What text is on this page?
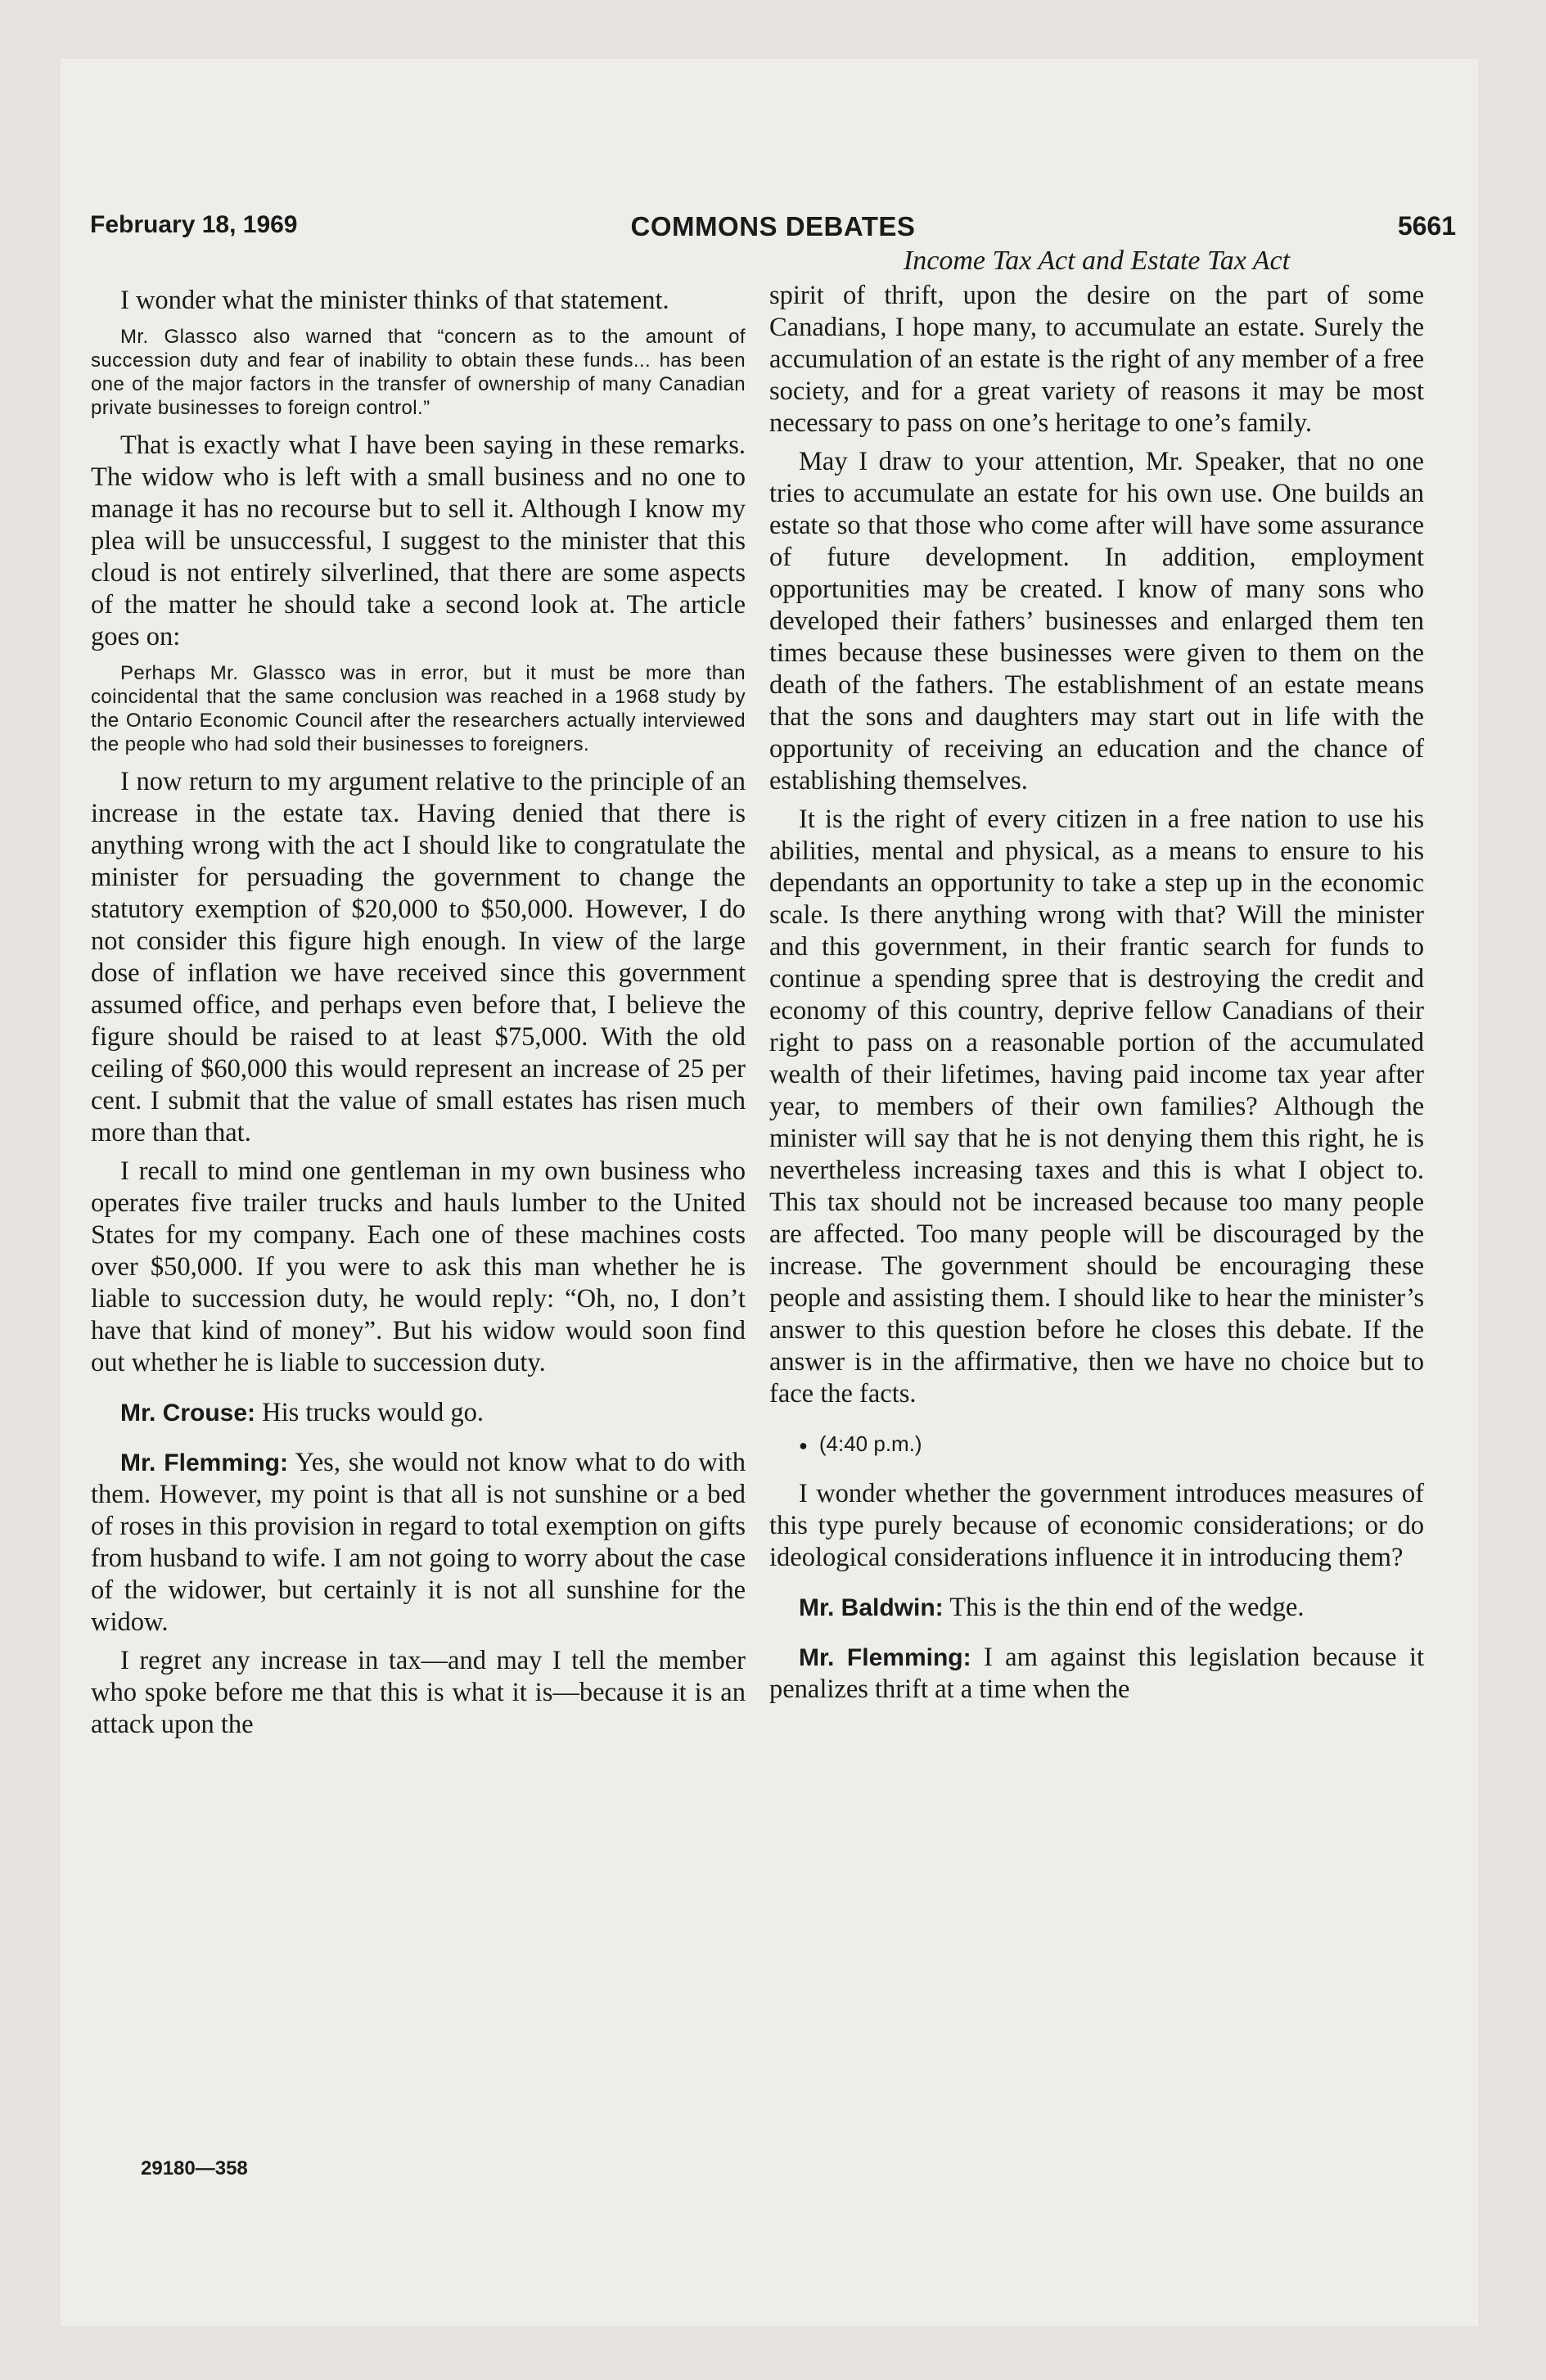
February 18, 1969	COMMONS DEBATES	5661

I wonder what the minister thinks of that statement.

Mr. Glassco also warned that “concern as to the amount of succession duty and fear of inability to obtain these funds... has been one of the major factors in the transfer of ownership of many Canadian private businesses to foreign control.”

That is exactly what I have been saying in these remarks. The widow who is left with a small business and no one to manage it has no recourse but to sell it. Although I know my plea will be unsuccessful, I suggest to the minister that this cloud is not entirely silverlined, that there are some aspects of the matter he should take a second look at. The article goes on:

Perhaps Mr. Glassco was in error, but it must be more than coincidental that the same conclusion was reached in a 1968 study by the Ontario Economic Council after the researchers actually interviewed the people who had sold their businesses to foreigners.

I now return to my argument relative to the principle of an increase in the estate tax. Having denied that there is anything wrong with the act I should like to congratulate the minister for persuading the government to change the statutory exemption of $20,000 to $50,000. However, I do not consider this figure high enough. In view of the large dose of inflation we have received since this government assumed office, and perhaps even before that, I believe the figure should be raised to at least $75,000. With the old ceiling of $60,000 this would represent an increase of 25 per cent. I submit that the value of small estates has risen much more than that.

I recall to mind one gentleman in my own business who operates five trailer trucks and hauls lumber to the United States for my company. Each one of these machines costs over $50,000. If you were to ask this man whether he is liable to succession duty, he would reply: “Oh, no, I don’t have that kind of money”. But his widow would soon find out whether he is liable to succession duty.

Mr. Crouse: His trucks would go.

Mr. Flemming: Yes, she would not know what to do with them. However, my point is that all is not sunshine or a bed of roses in this provision in regard to total exemption on gifts from husband to wife. I am not going to worry about the case of the widower, but certainly it is not all sunshine for the widow.

I regret any increase in tax—and may I tell the member who spoke before me that this is what it is—because it is an attack upon the

Income Tax Act and Estate Tax Act

spirit of thrift, upon the desire on the part of some Canadians, I hope many, to accumulate an estate. Surely the accumulation of an estate is the right of any member of a free society, and for a great variety of reasons it may be most necessary to pass on one’s heritage to one’s family.

May I draw to your attention, Mr. Speaker, that no one tries to accumulate an estate for his own use. One builds an estate so that those who come after will have some assurance of future development. In addition, employment opportunities may be created. I know of many sons who developed their fathers’ businesses and enlarged them ten times because these businesses were given to them on the death of the fathers. The establishment of an estate means that the sons and daughters may start out in life with the opportunity of receiving an education and the chance of establishing themselves.

It is the right of every citizen in a free nation to use his abilities, mental and physical, as a means to ensure to his dependants an opportunity to take a step up in the economic scale. Is there anything wrong with that? Will the minister and this government, in their frantic search for funds to continue a spending spree that is destroying the credit and economy of this country, deprive fellow Canadians of their right to pass on a reasonable portion of the accumulated wealth of their lifetimes, having paid income tax year after year, to members of their own families? Although the minister will say that he is not denying them this right, he is nevertheless increasing taxes and this is what I object to. This tax should not be increased because too many people are affected. Too many people will be discouraged by the increase. The government should be encouraging these people and assisting them. I should like to hear the minister’s answer to this question before he closes this debate. If the answer is in the affirmative, then we have no choice but to face the facts.

● (4:40 p.m.)

I wonder whether the government introduces measures of this type purely because of economic considerations; or do ideological considerations influence it in introducing them?

Mr. Baldwin: This is the thin end of the wedge.

Mr. Flemming: I am against this legislation because it penalizes thrift at a time when the

29180—358
